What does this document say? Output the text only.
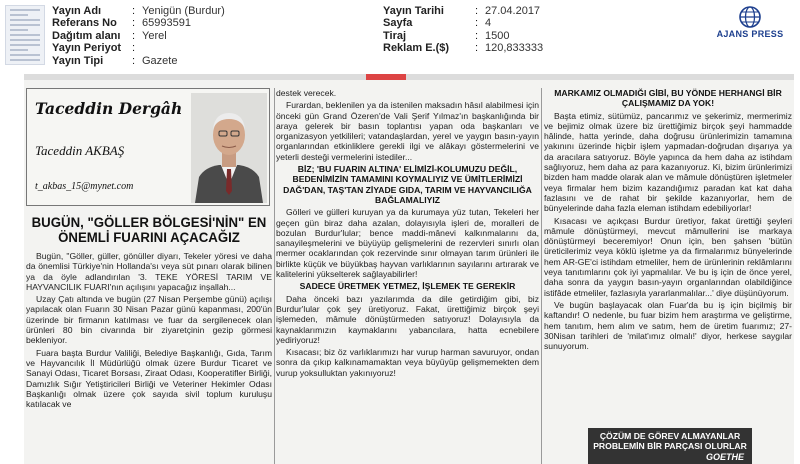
Yayın Adı	: Yenigün (Burdur)
Referans No	: 65993591
Dağıtım alanı	: Yerel
Yayın Periyot :
Yayın Tipi	: Gazete
Yayın Tarihi	: 27.04.2017
Sayfa	: 4
Tiraj	: 1500
Reklam E.($)	: 120,833333
AJANS PRESS
Taceddin Dergâh
Taceddin AKBAŞ
t_akbas_15@mynet.com
BUGÜN, "GÖLLER BÖLGESİ'NİN" EN ÖNEMLİ FUARINI AÇACAĞIZ

Bugün, "Göller, güller, gönüller diyarı, Tekeler yöresi ve daha da önemlisi Türkiye'nin Hollanda'sı veya süt pınarı olarak bilinen ya da öyle adlandırılan '3. TEKE YÖRESİ TARIM VE HAYVANCILIK FUARI'nın açılışını yapacağız inşallah...

Uzay Çatı altında ve bugün (27 Nisan Perşembe günü) açılışı yapılacak olan Fuarın 30 Nisan Pazar günü kapanması, 200'ün üzerinde bir firmanın katılması ve fuar da sergilenecek olan ürünleri 80 bin civarında bir ziyaretçinin gezip görmesi bekleniyor.

Fuara başta Burdur Valiliği, Belediye Başkanlığı, Gıda, Tarım ve Hayvancılık İl Müdürlüğü olmak üzere Burdur Ticaret ve Sanayi Odası, Ticaret Borsası, Ziraat Odası, Kooperatifler Birliği, Damızlık Sığır Yetiştiricileri Birliği ve Veteriner Hekimler Odası Başkanlığı olmak üzere çok sayıda sivil toplum kuruluşu katılacak ve

destek verecek.

Furardan, beklenilen ya da istenilen maksadın hâsıl alabilmesi için önceki gün Grand Özeren'de Vali Şerif Yılmaz'ın başkanlığında bir araya gelerek bir basın toplantısı yapan oda başkanları ve organizasyon yetkilileri; vatandaşlardan, yerel ve yaygın basın-yayın organlarından etkinliklere gerekli ilgi ve alâkayı göstermelerini ve yeterli desteği vermelerini istediler...

BİZ; 'BU FUARIN ALTINA' ELİMİZİ-KOLUMUZU DEĞİL, BEDENİMİZİN TAMAMINI KOYMALIYIZ VE ÜMİTLERİMİZİ DAĞ'DAN, TAŞ'TAN ZİYADE GIDA, TARIM VE HAYVANCILIĞA BAĞLAMALIYIZ

Gölleri ve gülleri kuruyan ya da kurumaya yüz tutan, Tekeleri her geçen gün biraz daha azalan, dolayısıyla işleri de, moralleri de bozulan Burdur'lular; bence maddi-mânevi kalkınmalarını da, sanayileşmelerini ve büyüyüp gelişmelerini de rezervleri sınırlı olan mermer ocaklarından çok rezervinde sınır olmayan tarım ürünleri ile birlikte küçük ve büyükbaş hayvan varlıklarının sayılarını artırarak ve kalitelerini yükselterek sağlayabilirler!

SADECE ÜRETMEK YETMEZ, İŞLEMEK TE GEREKİR

Daha önceki bazı yazılarımda da dile getirdiğim gibi, biz Burdur'lular çok şey üretiyoruz. Fakat, ürettiğimiz birçok şeyi işlemeden, mâmule dönüştürmeden satıyoruz! Dolayısıyla da kaynaklarımızın kaymaklarını yabancılara, hatta ecnebilere yediriyoruz!

Kısacası; biz öz varlıklarımızı har vurup harman savuruyor, ondan sonra da çıkıp kalkınamamaktan veya büyüyüp gelişmemekten dem vurup yoksulluktan yakınıyoruz!

MARKAMIZ OLMADIĞI GİBİ, BU YÖNDE HERHANGİ BİR ÇALIŞMAMIZ DA YOK!

Başta etimiz, sütümüz, pancarımız ve şekerimiz, mermerimiz ve bejimiz olmak üzere biz ürettiğimiz birçok şeyi hammadde hâlinde, hatta yerinde, daha doğrusu ürünlerimizin tamamına yakınını üzerinde hiçbir işlem yapmadan-doğrudan dışarıya ya da aracılara satıyoruz. Böyle yapınca da hem daha az istihdam sağlıyoruz, hem daha az para kazanıyoruz. Ki, bizim ürünlerimizi bizden ham madde olarak alan ve mâmule dönüştüren işletmeler veya firmalar hem bizim kazandığımız paradan kat kat daha fazlasını ve de rahat bir şekilde kazanıyorlar, hem de bünyelerinde daha fazla eleman istihdam edebiliyorlar!

Kısacası ve açıkçası Burdur üretiyor, fakat ürettiği şeyleri mâmule dönüştürmeyi, mevcut mâmullerini ise markaya dönüştürmeyi beceremiyor! Onun için, ben şahsen 'bütün üreticilerimiz veya köklü işletme ya da firmalarımız bünyelerinde hem AR-GE'ci istihdam etmeliler, hem de ürünlerinin reklâmlarını veya tanıtımlarını çok iyi yapmalılar. Ve bu iş için de önce yerel, daha sonra da yaygın basın-yayın organlarından olabildiğince istifâde etmeliler, fazlasıyla yararlanmalılar...' diye düşünüyorum.

Ve bugün başlayacak olan Fuar'da bu iş için biçilmiş bir kaftandır! O nedenle, bu fuar bizim hem araştırma ve geliştirme, hem tanıtım, hem alım ve satım, hem de üretim fuarımız; 27-30Nisan tarihleri de 'milat'ımız olmalı!' diyor, herkese saygılar sunuyorum.

ÇÖZÜM DE GÖREV ALMAYANLAR PROBLEMİN BİR PARÇASI OLURLAR
GOETHE
